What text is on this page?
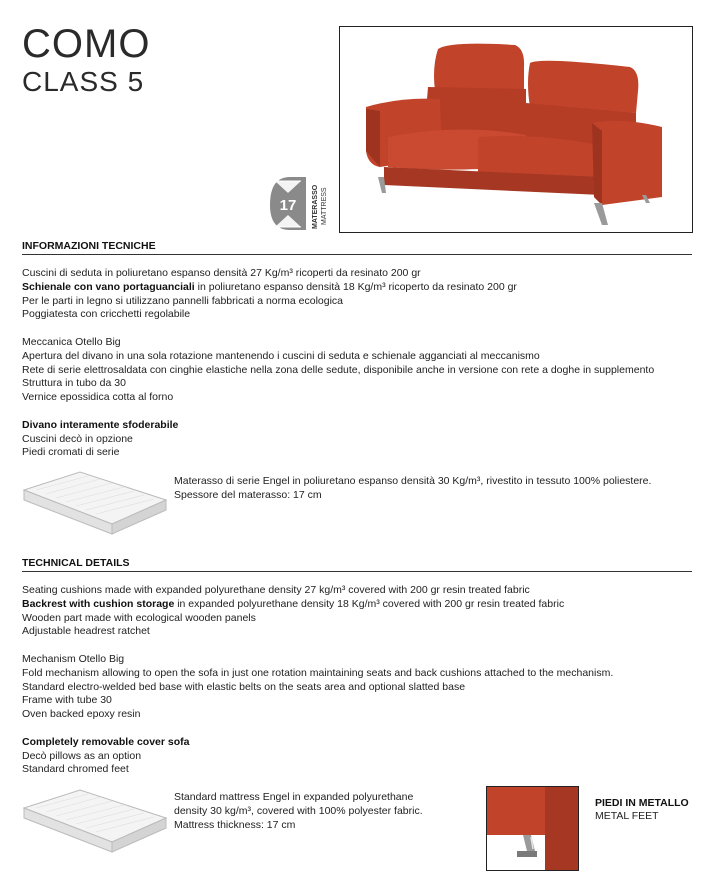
COMO
CLASS 5
17 MATERASSO MATTRESS
INFORMAZIONI TECNICHE

Cuscini di seduta in poliuretano espanso densità 27 Kg/m³ ricoperti da resinato 200 gr

Schienale con vano portaguanciali in poliuretano espanso densità 18 Kg/m³ ricoperto da resinato 200 gr

Per le parti in legno si utilizzano pannelli fabbricati a norma ecologica

Poggiatesta con cricchetti regolabile

Meccanica Otello Big

Apertura del divano in una sola rotazione mantenendo i cuscini di seduta e schienale agganciati al meccanismo

Rete di serie elettrosaldata con cinghie elastiche nella zona delle sedute, disponibile anche in versione con rete a doghe in supplemento

Struttura in tubo da 30

Vernice epossidica cotta al forno

Divano interamente sfoderabile

Cuscini decò in opzione

Piedi cromati di serie

Materasso di serie Engel in poliuretano espanso densità 30 Kg/m³, rivestito in tessuto 100% poliestere.

Spessore del materasso: 17 cm

TECHNICAL DETAILS

Seating cushions made with expanded polyurethane density 27 kg/m³ covered with 200 gr resin treated fabric

Backrest with cushion storage in expanded polyurethane density 18 Kg/m³ covered with 200 gr resin treated fabric

Wooden part made with ecological wooden panels

Adjustable headrest ratchet

Mechanism Otello Big

Fold mechanism allowing to open the sofa in just one rotation maintaining seats and back cushions attached to the mechanism.

Standard electro-welded bed base with elastic belts on the seats area and optional slatted base

Frame with tube 30

Oven backed epoxy resin

Completely removable cover sofa

Decò pillows as an option

Standard chromed feet

Standard mattress Engel in expanded polyurethane

density 30 kg/m³, covered with 100% polyester fabric.

Mattress thickness: 17 cm

PIEDI IN METALLO
METAL FEET
